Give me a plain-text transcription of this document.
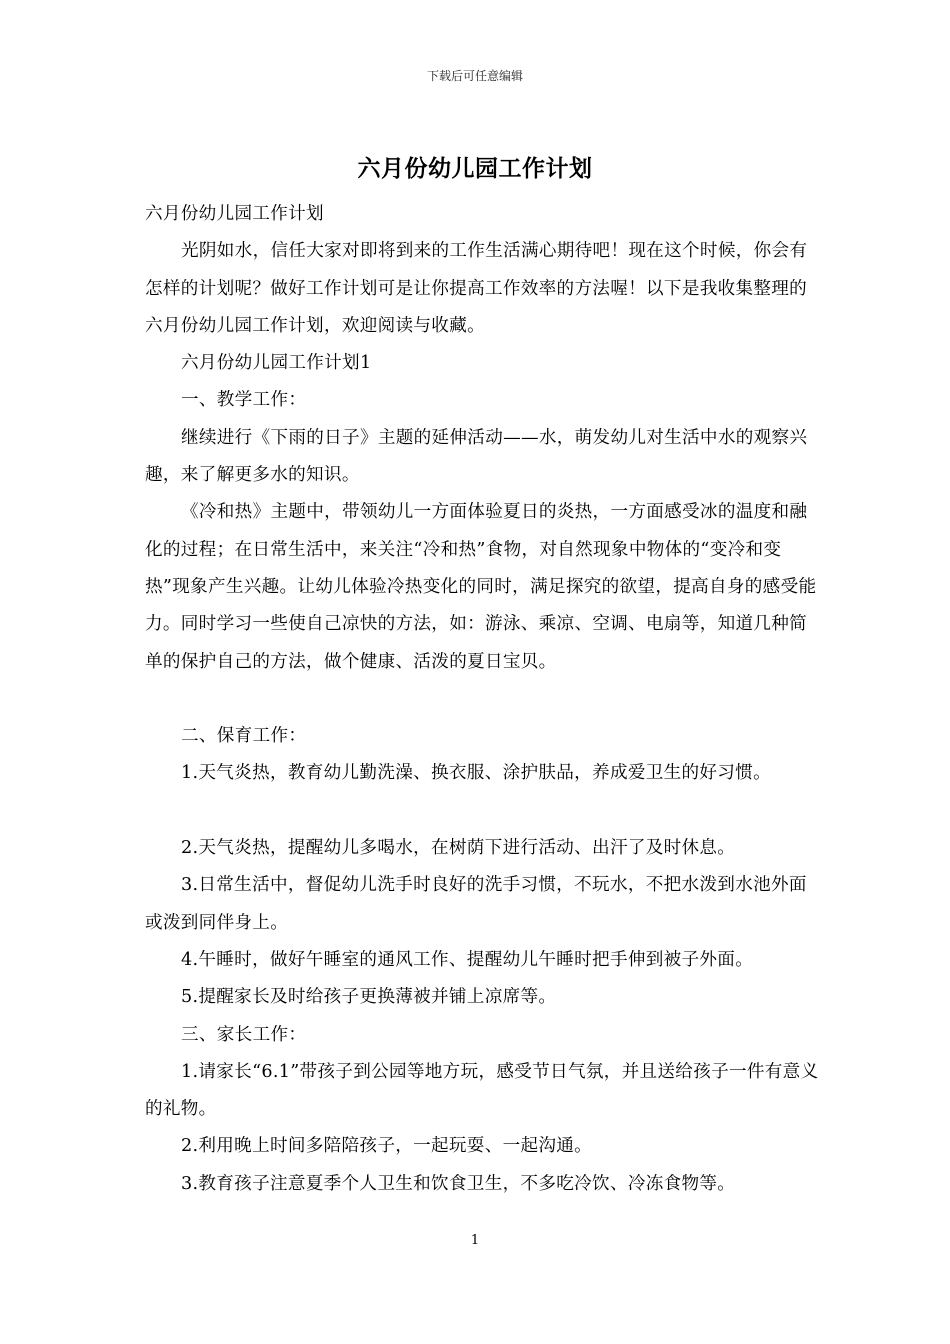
下载后可任意编辑
六月份幼儿园工作计划

六月份幼儿园工作计划

光阴如水，信任大家对即将到来的工作生活满心期待吧！现在这个时候，你会有怎样的计划呢？做好工作计划可是让你提高工作效率的方法喔！以下是我收集整理的六月份幼儿园工作计划，欢迎阅读与收藏。

六月份幼儿园工作计划1

一、教学工作：

继续进行《下雨的日子》主题的延伸活动——水，萌发幼儿对生活中水的观察兴趣，来了解更多水的知识。

《冷和热》主题中，带领幼儿一方面体验夏日的炎热，一方面感受冰的温度和融化的过程；在日常生活中，来关注“冷和热”食物，对自然现象中物体的“变冷和变热”现象产生兴趣。让幼儿体验冷热变化的同时，满足探究的欲望，提高自身的感受能力。同时学习一些使自己凉快的方法，如：游泳、乘凉、空调、电扇等，知道几种简单的保护自己的方法，做个健康、活泼的夏日宝贝。

二、保育工作：

1.天气炎热，教育幼儿勤洗澡、换衣服、涂护肤品，养成爱卫生的好习惯。

2.天气炎热，提醒幼儿多喝水，在树荫下进行活动、出汗了及时休息。

3.日常生活中，督促幼儿洗手时良好的洗手习惯，不玩水，不把水泼到水池外面或泼到同伴身上。

4.午睡时，做好午睡室的通风工作、提醒幼儿午睡时把手伸到被子外面。

5.提醒家长及时给孩子更换薄被并铺上凉席等。

三、家长工作：

1.请家长“6.1”带孩子到公园等地方玩，感受节日气氛，并且送给孩子一件有意义的礼物。

2.利用晚上时间多陪陪孩子，一起玩耍、一起沟通。

3.教育孩子注意夏季个人卫生和饮食卫生，不多吃冷饮、冷冻食物等。

1
